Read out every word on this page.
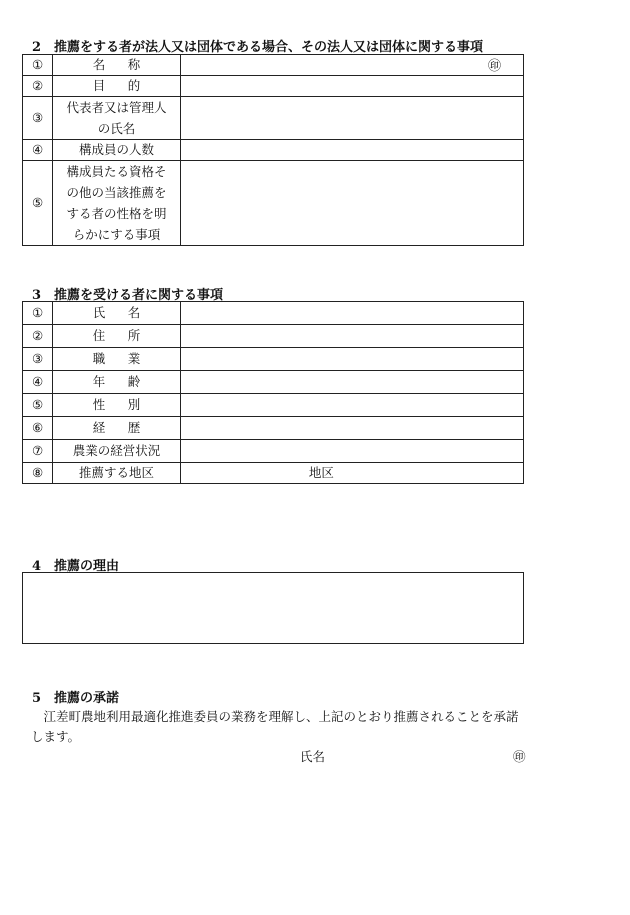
2 推薦をする者が法人又は団体である場合、その法人又は団体に関する事項
①	名称	㊞

②	目的	
③	代表者又は管理人
の氏名	

④	構成員の人数	
⑤	構成員たる資格そ
の他の当該推薦を
する者の性格を明
らかにする事項	

3 推薦を受ける者に関する事項
①	氏名	
②	住所	
③	職業	
④	年齢	
⑤	性別	
⑥	経歴	
⑦	農業の経営状況	
⑧	推薦する地区	地区
4 推薦の理由
5 推薦の承諾

　江差町農地利用最適化推進委員の業務を理解し、上記のとおり推薦されることを承諾
します。

氏名	㊞
